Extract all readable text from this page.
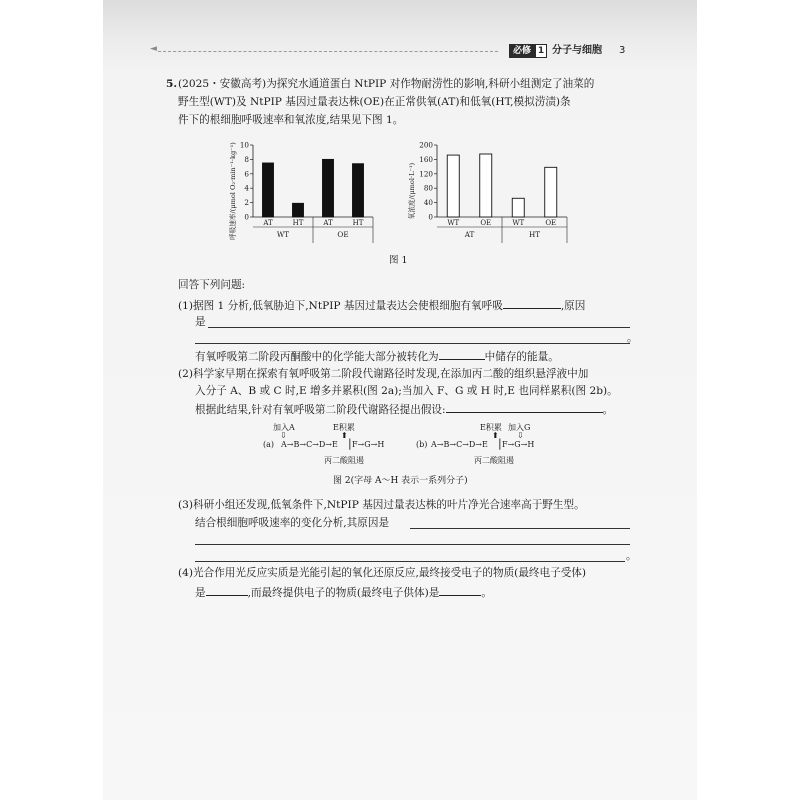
◄	必修 1 分子与细胞 3
5. (2025・安徽高考)为探究水通道蛋白 NtPIP 对作物耐涝性的影响,科研小组测定了油菜的
野生型(WT)及 NtPIP 基因过量表达株(OE)在正常供氧(AT)和低氧(HT,模拟涝渍)条
件下的根细胞呼吸速率和氧浓度,结果见下图 1。
呼吸速率/(μmol O₂·min⁻¹·kg⁻¹) 0
2
4
6
8
10
AT	HT	AT	HT
WT	OE
氧浓度/(μmol·L⁻¹) 0
40
80
120
160
200
WT	OE	WT	OE
AT	HT
图 1
回答下列问题:
(1)据图 1 分析,低氧胁迫下,NtPIP 基因过量表达会使根细胞有氧呼吸	,原因
是
。
有氧呼吸第二阶段丙酮酸中的化学能大部分被转化为	中储存的能量。
(2)科学家早期在探索有氧呼吸第二阶段代谢路径时发现,在添加丙二酸的组织悬浮液中加
入分子 A、B 或 C 时,E 增多并累积(图 2a);当加入 F、G 或 H 时,E 也同样累积(图 2b)。
根据此结果,针对有氧呼吸第二阶段代谢路径提出假设:	。
加入A
⇩
E积累
⬆
(a) A→B→C→D→E | F→G→H
丙二酸阻遏
E积累
⬆
加入G
⇩
(b) A→B→C→D→E | F→G→H
丙二酸阻遏
图 2(字母 A～H 表示一系列分子)
(3)科研小组还发现,低氧条件下,NtPIP 基因过量表达株的叶片净光合速率高于野生型。
结合根细胞呼吸速率的变化分析,其原因是
。
(4)光合作用光反应实质是光能引起的氧化还原反应,最终接受电子的物质(最终电子受体)
是	,而最终提供电子的物质(最终电子供体)是	。
